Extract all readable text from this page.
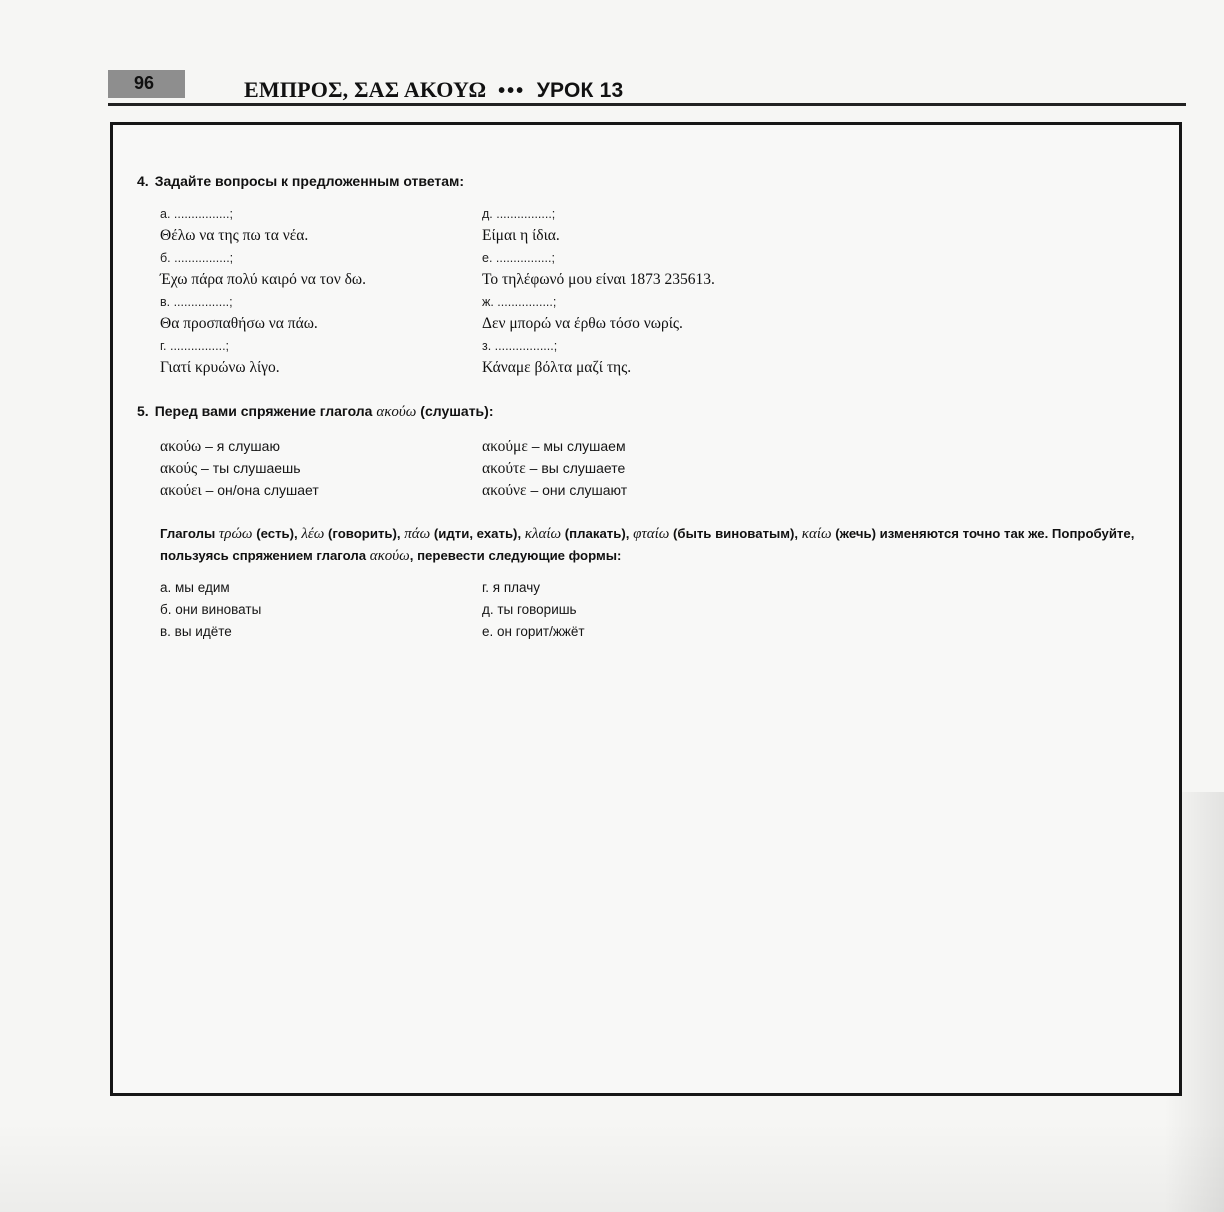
96	ΕΜΠΡΟΣ, ΣΑΣ ΑΚΟΥΩ ••• УРОК 13
4. Задайте вопросы к предложенным ответам:
а. ................;
Θέλω να της πω τα νέα.
б. ................;
Έχω πάρα πολύ καιρό να τον δω.
в. ................;
Θα προσπαθήσω να πάω.
г. ................;
Γιατί κρυώνω λίγο.
д. ................;
Είμαι η ίδια.
е. ................;
Το τηλέφωνό μου είναι 1873 235613.
ж. ................;
Δεν μπορώ να έρθω τόσο νωρίς.
з. .................;
Κάναμε βόλτα μαζί της.
5. Перед вами спряжение глагола ακούω (слушать):
ακούω – я слушаю
ακούς – ты слушаешь
ακούει – он/она слушает
ακούμε – мы слушаем
ακούτε – вы слушаете
ακούνε – они слушают
Глаголы τρώω (есть), λέω (говорить), πάω (идти, ехать), κλαίω (плакать), φταίω (быть виноватым), καίω (жечь) изменяются точно так же. Попробуйте, пользуясь спряжением глагола ακούω, перевести следующие формы:
а. мы едим
б. они виноваты
в. вы идёте
г. я плачу
д. ты говоришь
е. он горит/жжёт
